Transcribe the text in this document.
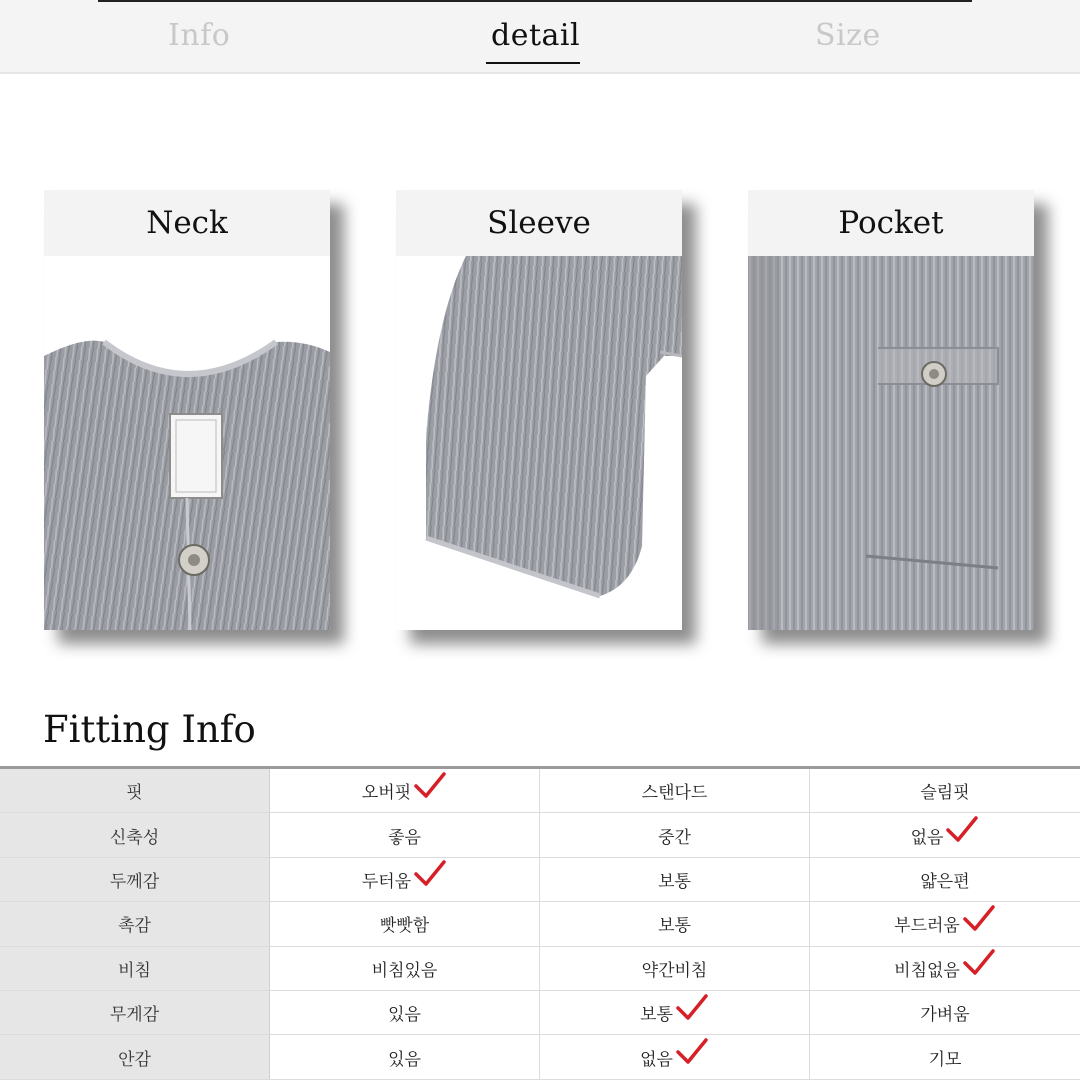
Info	detail	Size
Neck	Sleeve	Pocket
Fitting Info
핏	오버핏	스탠다드	슬림핏
신축성	좋음	중간	없음
두께감	두터움	보통	얇은편
촉감	빳빳함	보통	부드러움
비침	비침있음	약간비침	비침없음
무게감	있음	보통	가벼움
안감	있음	없음	기모
